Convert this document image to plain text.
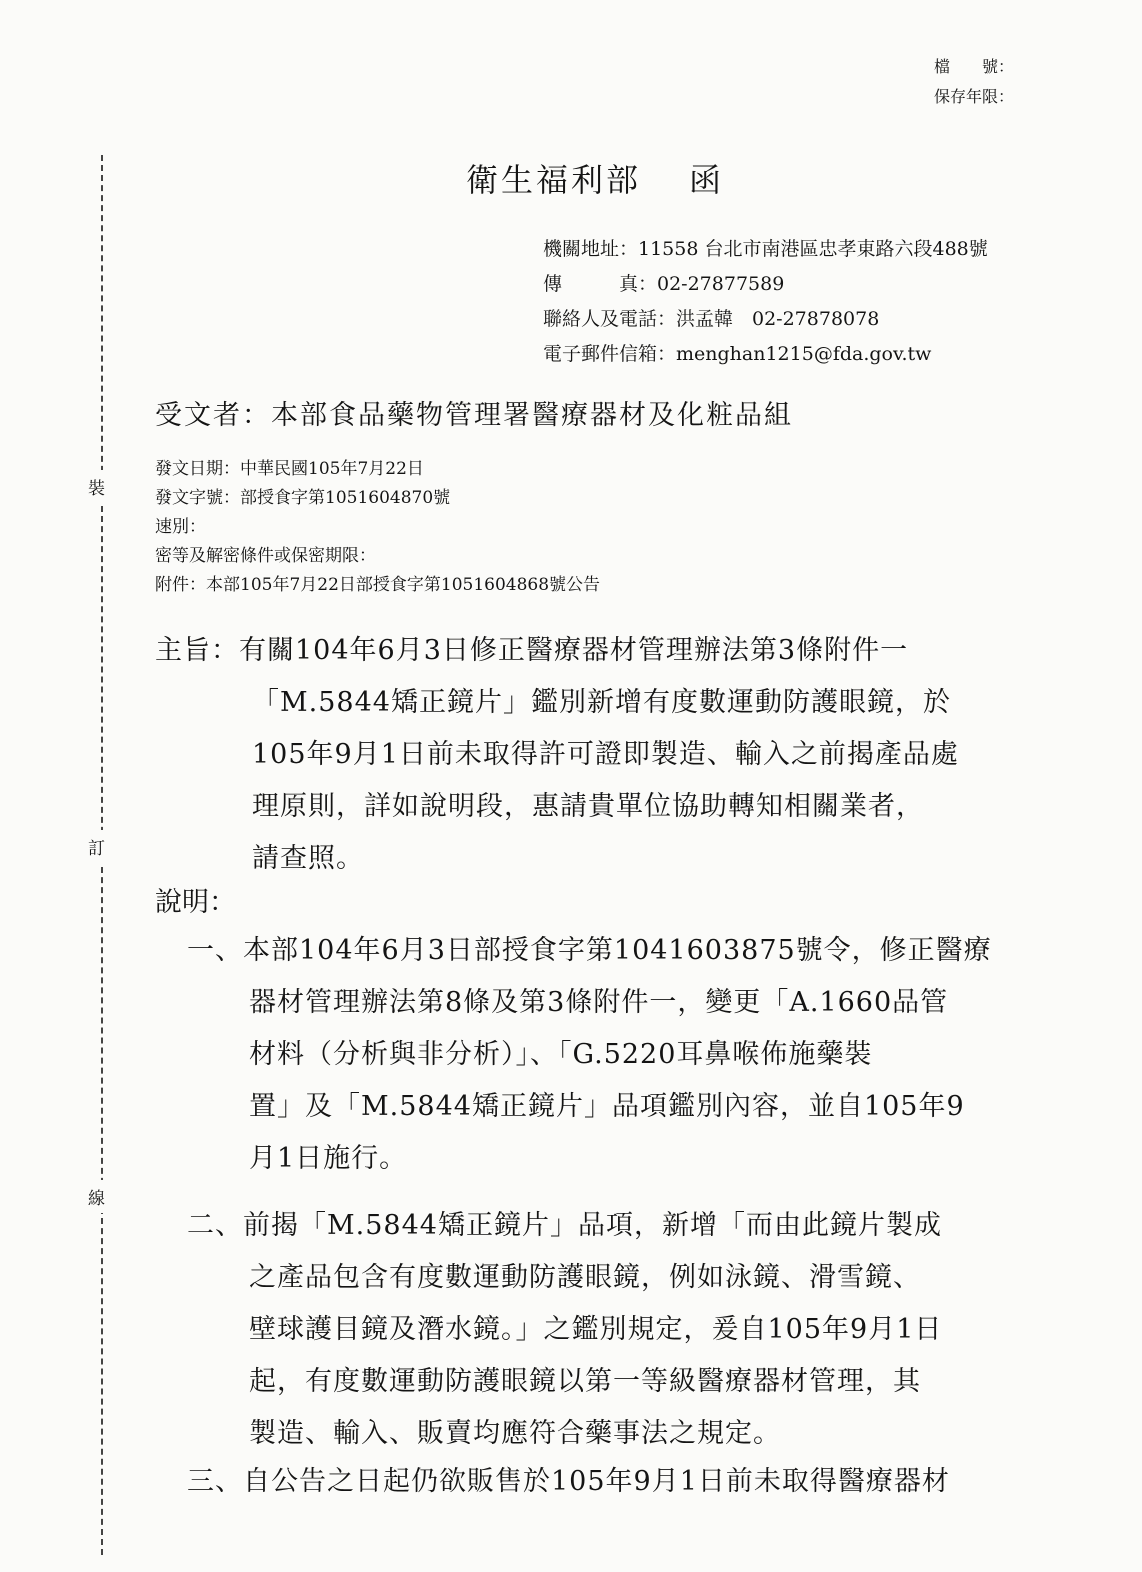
檔　　號：
保存年限：
裝
訂
線
衛生福利部 函
機關地址：11558 台北市南港區忠孝東路六段488號
傳　　　真：02-27877589
聯絡人及電話：洪孟韓　02-27878078
電子郵件信箱：menghan1215@fda.gov.tw
受文者：本部食品藥物管理署醫療器材及化粧品組
發文日期：中華民國105年7月22日
發文字號：部授食字第1051604870號
速別：
密等及解密條件或保密期限：
附件：本部105年7月22日部授食字第1051604868號公告
主旨：有關104年6月3日修正醫療器材管理辦法第3條附件一
「M.5844矯正鏡片」鑑別新增有度數運動防護眼鏡，於
105年9月1日前未取得許可證即製造、輸入之前揭產品處
理原則，詳如說明段，惠請貴單位協助轉知相關業者，
請查照。
說明：
一、本部104年6月3日部授食字第1041603875號令，修正醫療
器材管理辦法第8條及第3條附件一，變更「A.1660品管
材料（分析與非分析）」、「G.5220耳鼻喉佈施藥裝
置」及「M.5844矯正鏡片」品項鑑別內容，並自105年9
月1日施行。
二、前揭「M.5844矯正鏡片」品項，新增「而由此鏡片製成
之產品包含有度數運動防護眼鏡，例如泳鏡、滑雪鏡、
壁球護目鏡及潛水鏡。」之鑑別規定，爰自105年9月1日
起，有度數運動防護眼鏡以第一等級醫療器材管理，其
製造、輸入、販賣均應符合藥事法之規定。
三、自公告之日起仍欲販售於105年9月1日前未取得醫療器材
